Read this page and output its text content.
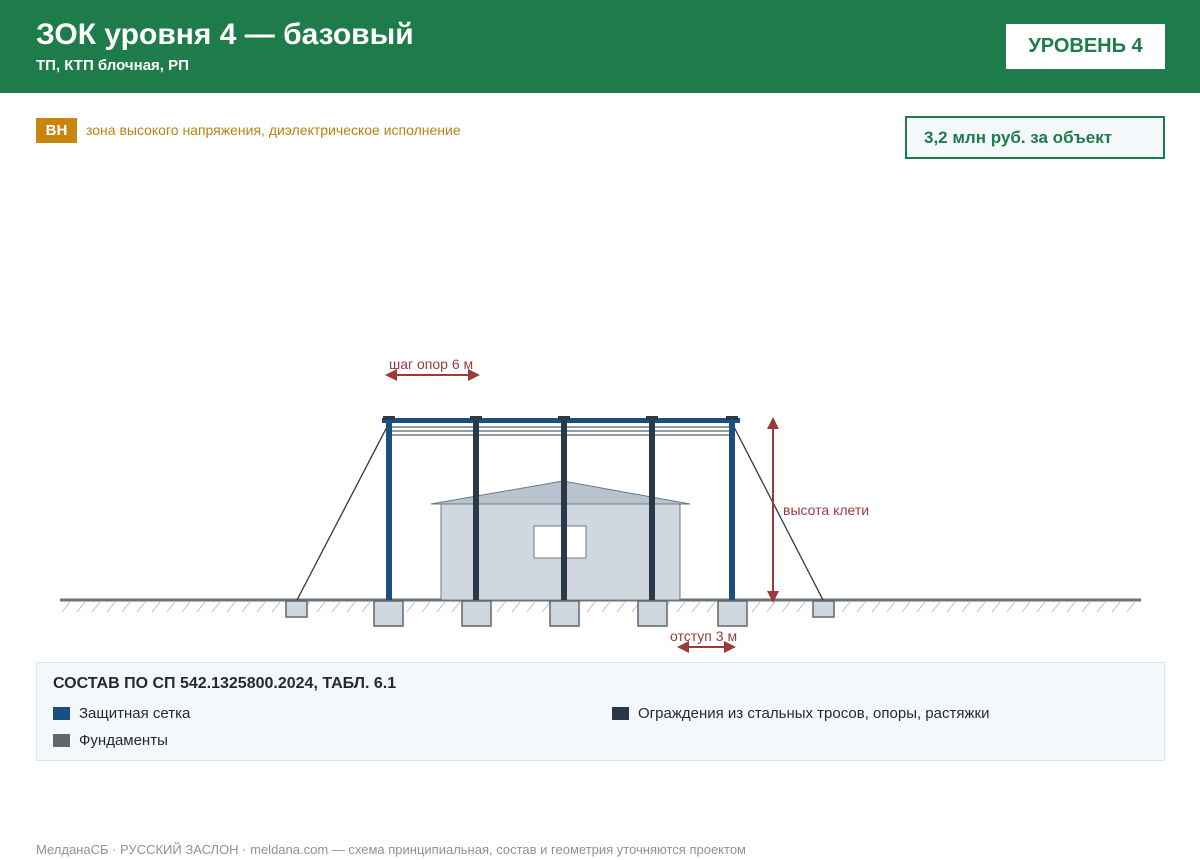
ЗОК уровня 4 — базовый
ТП, КТП блочная, РП
УРОВЕНЬ 4
ВН	зона высокого напряжения, диэлектрическое исполнение	3,2 млн руб. за объект
шаг опор 6 м
высота клети
отступ 3 м
СОСТАВ ПО СП 542.1325800.2024, ТАБЛ. 6.1
Защитная сетка	Ограждения из стальных тросов, опоры, растяжки
Фундаменты
МелданаСБ · РУССКИЙ ЗАСЛОН · meldana.com — схема принципиальная, состав и геометрия уточняются проектом
